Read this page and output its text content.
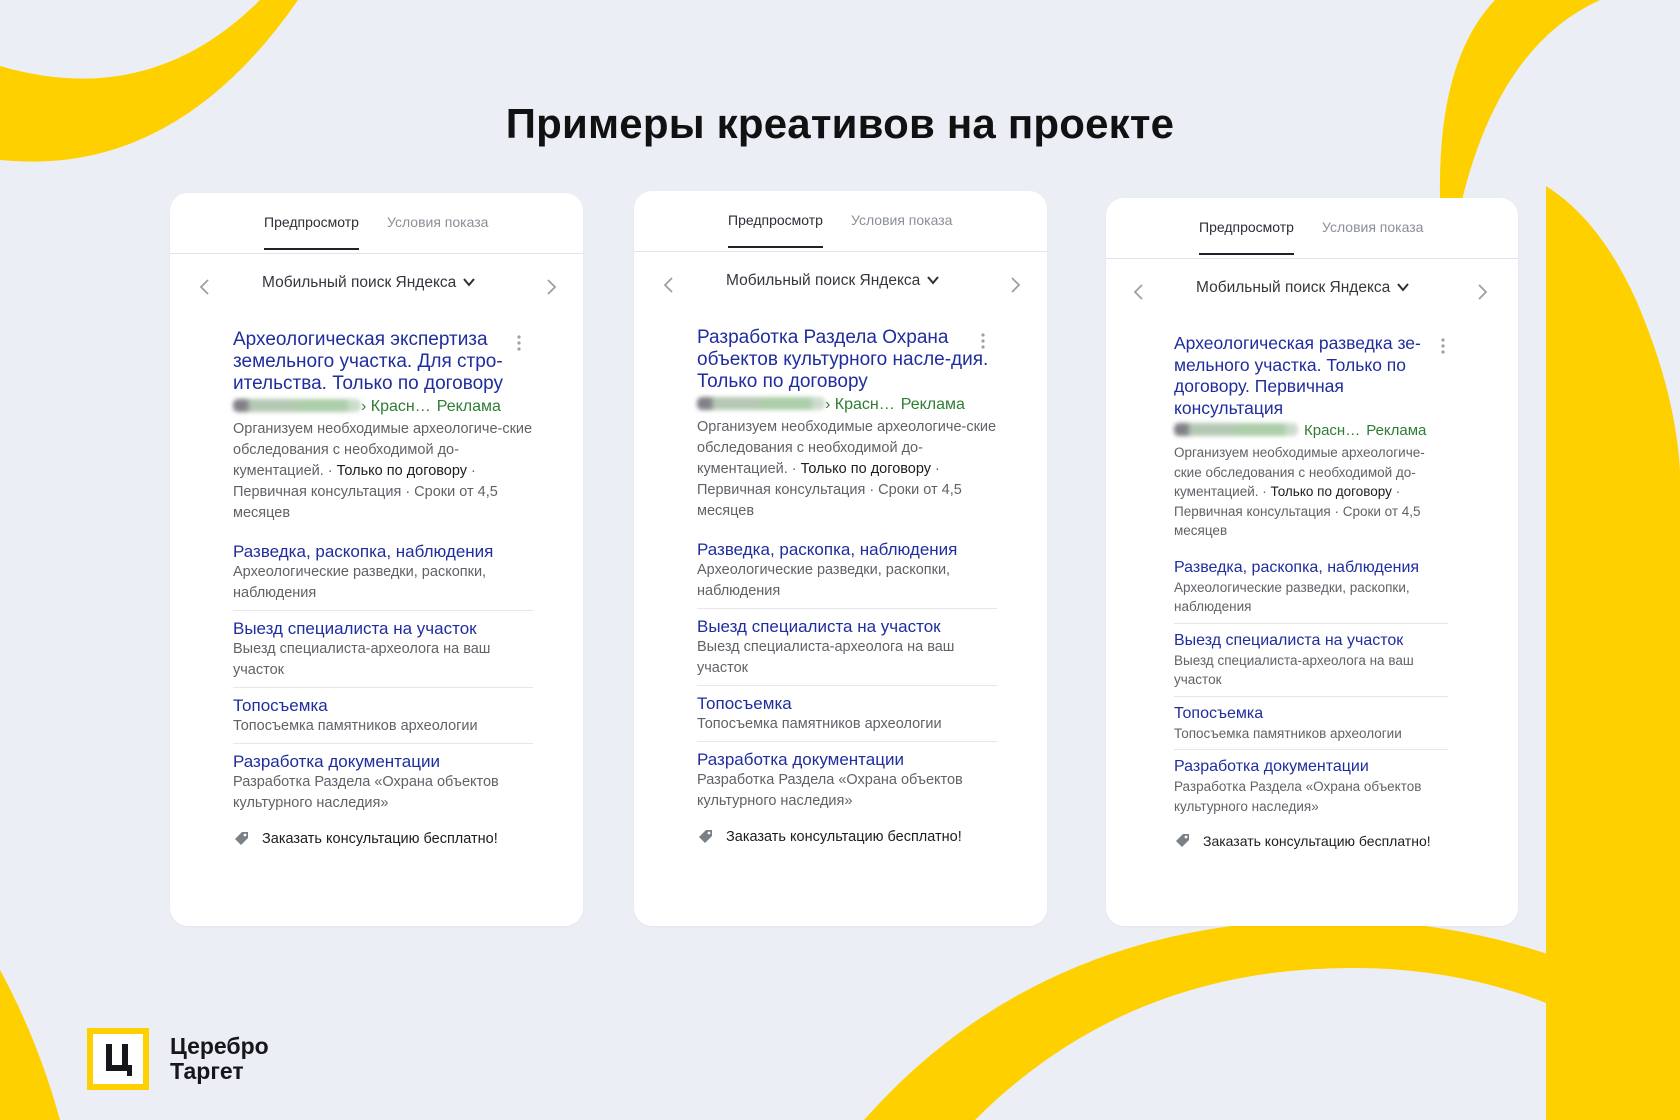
Примеры креативов на проекте
Предпросмотр Условия показа
Мобильный поиск Яндекса
Археологическая экспертиза земельного участка. Для стро-ительства. Только по договору
› Красн… Реклама
Организуем необходимые археологиче-ские обследования с необходимой до-кументацией. · Только по договору · Первичная консультация · Сроки от 4,5 месяцев
Разведка, раскопка, наблюдения
Археологические разведки, раскопки, наблюдения
Выезд специалиста на участок
Выезд специалиста-археолога на ваш участок
Топосъемка
Топосъемка памятников археологии
Разработка документации
Разработка Раздела «Охрана объектов культурного наследия»
Заказать консультацию бесплатно!
Предпросмотр Условия показа
Мобильный поиск Яндекса
Разработка Раздела Охрана объектов культурного насле-дия. Только по договору
› Красн… Реклама
Организуем необходимые археологиче-ские обследования с необходимой до-кументацией. · Только по договору · Первичная консультация · Сроки от 4,5 месяцев
Разведка, раскопка, наблюдения
Археологические разведки, раскопки, наблюдения
Выезд специалиста на участок
Выезд специалиста-археолога на ваш участок
Топосъемка
Топосъемка памятников археологии
Разработка документации
Разработка Раздела «Охрана объектов культурного наследия»
Заказать консультацию бесплатно!
Предпросмотр Условия показа
Мобильный поиск Яндекса
Археологическая разведка зе-мельного участка. Только по договору. Первичная консультация
Красн… Реклама
Организуем необходимые археологиче-ские обследования с необходимой до-кументацией. · Только по договору · Первичная консультация · Сроки от 4,5 месяцев
Разведка, раскопка, наблюдения
Археологические разведки, раскопки, наблюдения
Выезд специалиста на участок
Выезд специалиста-археолога на ваш участок
Топосъемка
Топосъемка памятников археологии
Разработка документации
Разработка Раздела «Охрана объектов культурного наследия»
Заказать консультацию бесплатно!
Церебро
Таргет
